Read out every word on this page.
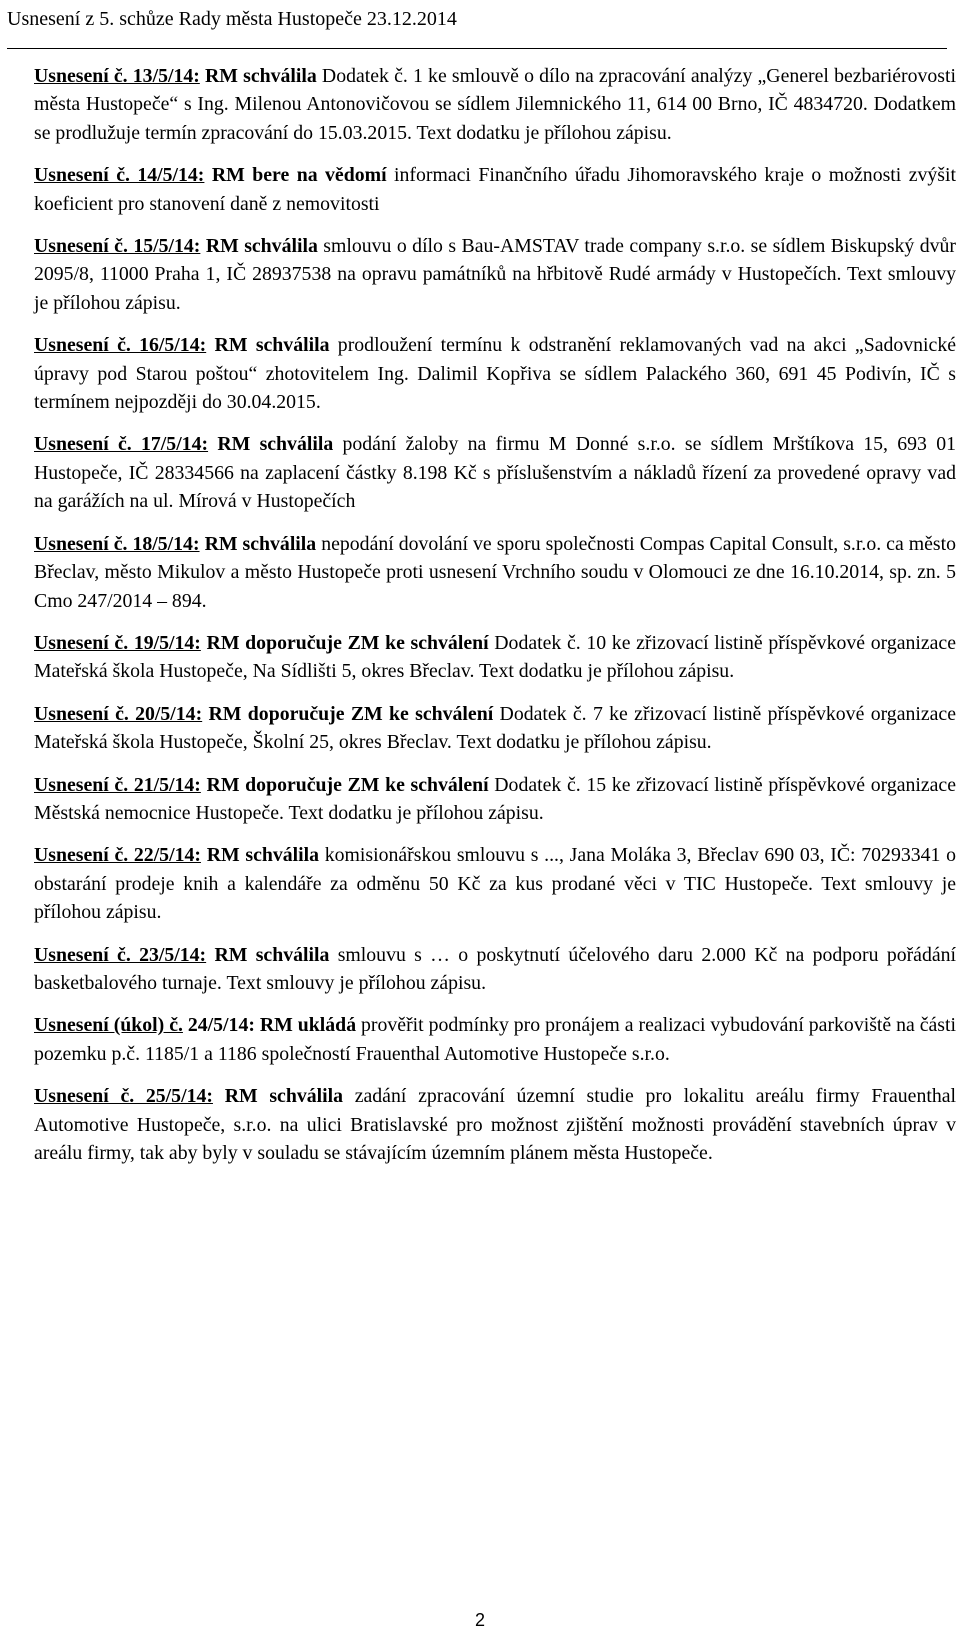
Usnesení z 5. schůze Rady města Hustopeče 23.12.2014

Usnesení č. 13/5/14: RM schválila Dodatek č. 1 ke smlouvě o dílo na zpracování analýzy „Generel bezbariérovosti města Hustopeče“ s Ing. Milenou Antonovičovou se sídlem Jilemnického 11, 614 00 Brno, IČ 4834720. Dodatkem se prodlužuje termín zpracování do 15.03.2015. Text dodatku je přílohou zápisu.

Usnesení č. 14/5/14: RM bere na vědomí informaci Finančního úřadu Jihomoravského kraje o možnosti zvýšit koeficient pro stanovení daně z nemovitosti

Usnesení č. 15/5/14: RM schválila smlouvu o dílo s Bau-AMSTAV trade company s.r.o. se sídlem Biskupský dvůr 2095/8, 11000 Praha 1, IČ 28937538 na opravu památníků na hřbitově Rudé armády v Hustopečích. Text smlouvy je přílohou zápisu.

Usnesení č. 16/5/14: RM schválila prodloužení termínu k odstranění reklamovaných vad na akci „Sadovnické úpravy pod Starou poštou“ zhotovitelem Ing. Dalimil Kopřiva se sídlem Palackého 360, 691 45 Podivín, IČ s termínem nejpozději do 30.04.2015.

Usnesení č. 17/5/14: RM schválila podání žaloby na firmu M Donné s.r.o. se sídlem Mrštíkova 15, 693 01 Hustopeče, IČ 28334566 na zaplacení částky 8.198 Kč s příslušenstvím a nákladů řízení za provedené opravy vad na garážích na ul. Mírová v Hustopečích

Usnesení č. 18/5/14: RM schválila nepodání dovolání ve sporu společnosti Compas Capital Consult, s.r.o. ca město Břeclav, město Mikulov a město Hustopeče proti usnesení Vrchního soudu v Olomouci ze dne 16.10.2014, sp. zn. 5 Cmo 247/2014 – 894.

Usnesení č. 19/5/14: RM doporučuje ZM ke schválení Dodatek č. 10 ke zřizovací listině příspěvkové organizace Mateřská škola Hustopeče, Na Sídlišti 5, okres Břeclav. Text dodatku je přílohou zápisu.

Usnesení č. 20/5/14: RM doporučuje ZM ke schválení Dodatek č. 7 ke zřizovací listině příspěvkové organizace Mateřská škola Hustopeče, Školní 25, okres Břeclav. Text dodatku je přílohou zápisu.

Usnesení č. 21/5/14: RM doporučuje ZM ke schválení Dodatek č. 15 ke zřizovací listině příspěvkové organizace Městská nemocnice Hustopeče. Text dodatku je přílohou zápisu.

Usnesení č. 22/5/14: RM schválila komisionářskou smlouvu s ..., Jana Moláka 3, Břeclav 690 03, IČ: 70293341 o obstarání prodeje knih a kalendáře za odměnu 50 Kč za kus prodané věci v TIC Hustopeče. Text smlouvy je přílohou zápisu.

Usnesení č. 23/5/14: RM schválila smlouvu s … o poskytnutí účelového daru 2.000 Kč na podporu pořádání basketbalového turnaje. Text smlouvy je přílohou zápisu.

Usnesení (úkol) č. 24/5/14: RM ukládá prověřit podmínky pro pronájem a realizaci vybudování parkoviště na části pozemku p.č. 1185/1 a 1186 společností Frauenthal Automotive Hustopeče s.r.o.

Usnesení č. 25/5/14: RM schválila zadání zpracování územní studie pro lokalitu areálu firmy Frauenthal Automotive Hustopeče, s.r.o. na ulici Bratislavské pro možnost zjištění možnosti provádění stavebních úprav v areálu firmy, tak aby byly v souladu se stávajícím územním plánem města Hustopeče.

2
